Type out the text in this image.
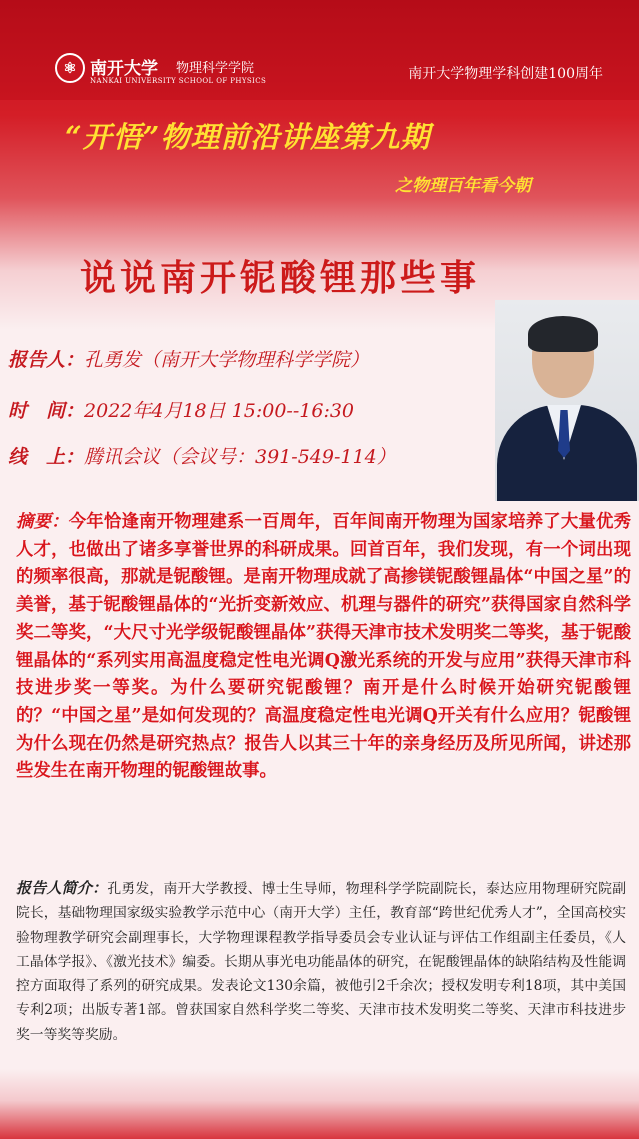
⚛ 南开大学 物理科学学院
NANKAI UNIVERSITY SCHOOL OF PHYSICS	南开大学物理学科创建100周年
“开悟”物理前沿讲座第九期
之物理百年看今朝
说说南开铌酸锂那些事
报告人：孔勇发（南开大学物理科学学院）
时　间：2022年4月18日 15:00--16:30
线　上：腾讯会议（会议号：391-549-114）
摘要：今年恰逢南开物理建系一百周年，百年间南开物理为国家培养了大量优秀人才，也做出了诸多享誉世界的科研成果。回首百年，我们发现，有一个词出现的频率很高，那就是铌酸锂。是南开物理成就了高掺镁铌酸锂晶体“中国之星”的美誉，基于铌酸锂晶体的“光折变新效应、机理与器件的研究”获得国家自然科学奖二等奖，“大尺寸光学级铌酸锂晶体”获得天津市技术发明奖二等奖，基于铌酸锂晶体的“系列实用高温度稳定性电光调Q激光系统的开发与应用”获得天津市科技进步奖一等奖。为什么要研究铌酸锂？南开是什么时候开始研究铌酸锂的？“中国之星”是如何发现的？高温度稳定性电光调Q开关有什么应用？铌酸锂为什么现在仍然是研究热点？报告人以其三十年的亲身经历及所见所闻，讲述那些发生在南开物理的铌酸锂故事。
报告人简介：孔勇发，南开大学教授、博士生导师，物理科学学院副院长，泰达应用物理研究院副院长，基础物理国家级实验教学示范中心（南开大学）主任，教育部“跨世纪优秀人才”，全国高校实验物理教学研究会副理事长，大学物理课程教学指导委员会专业认证与评估工作组副主任委员，《人工晶体学报》、《激光技术》编委。长期从事光电功能晶体的研究，在铌酸锂晶体的缺陷结构及性能调控方面取得了系列的研究成果。发表论文130余篇，被他引2千余次；授权发明专利18项，其中美国专利2项；出版专著1部。曾获国家自然科学奖二等奖、天津市技术发明奖二等奖、天津市科技进步奖一等奖等奖励。
